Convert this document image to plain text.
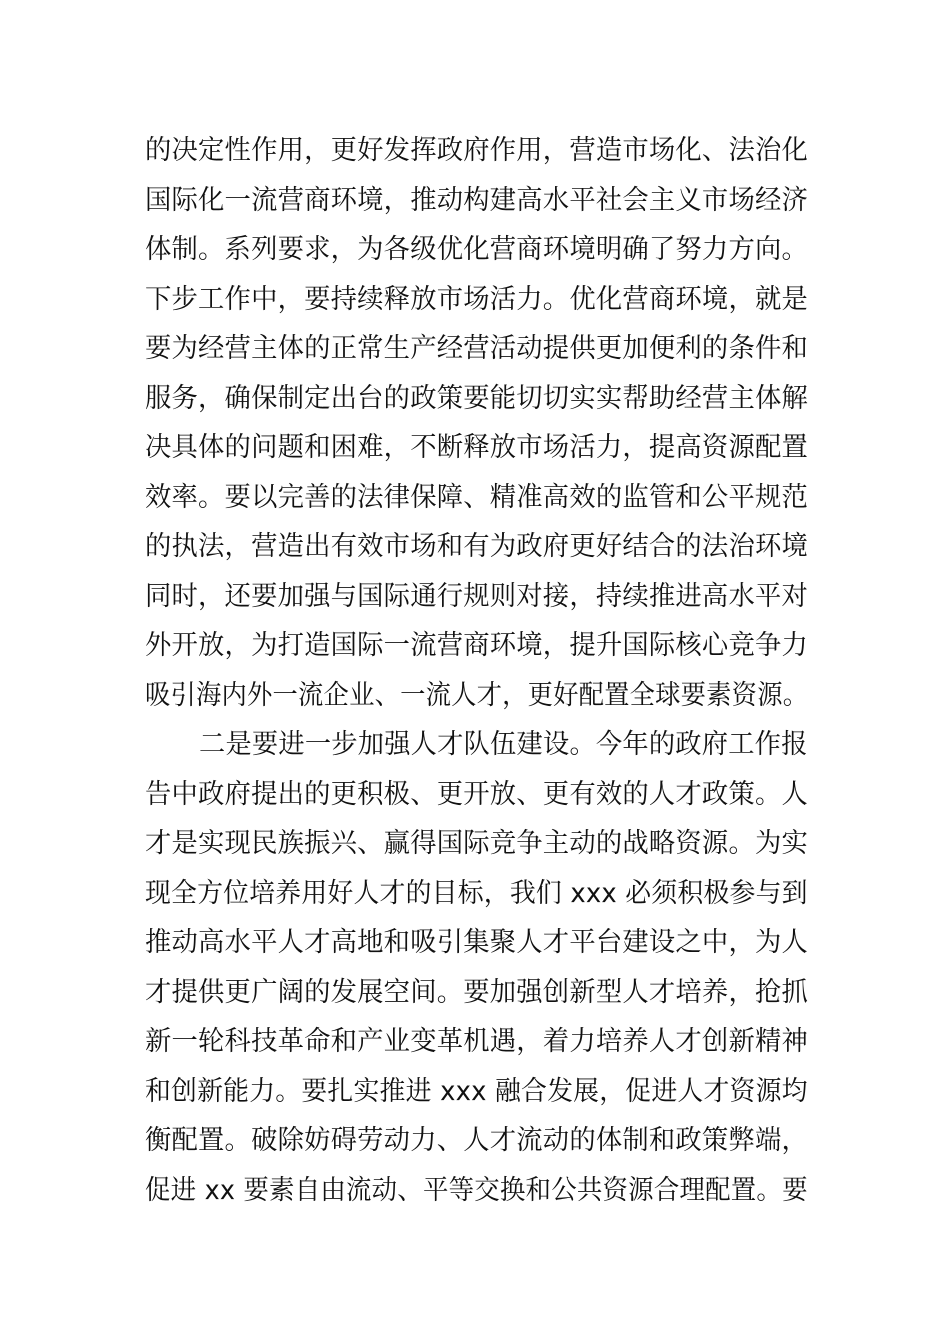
的决定性作用，更好发挥政府作用，营造市场化、法治化
国际化一流营商环境，推动构建高水平社会主义市场经济
体制。系列要求，为各级优化营商环境明确了努力方向。
下步工作中，要持续释放市场活力。优化营商环境，就是
要为经营主体的正常生产经营活动提供更加便利的条件和
服务，确保制定出台的政策要能切切实实帮助经营主体解
决具体的问题和困难，不断释放市场活力，提高资源配置
效率。要以完善的法律保障、精准高效的监管和公平规范
的执法，营造出有效市场和有为政府更好结合的法治环境
同时，还要加强与国际通行规则对接，持续推进高水平对
外开放，为打造国际一流营商环境，提升国际核心竞争力
吸引海内外一流企业、一流人才，更好配置全球要素资源。
二是要进一步加强人才队伍建设。今年的政府工作报
告中政府提出的更积极、更开放、更有效的人才政策。人
才是实现民族振兴、赢得国际竞争主动的战略资源。为实
现全方位培养用好人才的目标，我们 xxx 必须积极参与到
推动高水平人才高地和吸引集聚人才平台建设之中，为人
才提供更广阔的发展空间。要加强创新型人才培养，抢抓
新一轮科技革命和产业变革机遇，着力培养人才创新精神
和创新能力。要扎实推进 xxx 融合发展，促进人才资源均
衡配置。破除妨碍劳动力、人才流动的体制和政策弊端，
促进 xx 要素自由流动、平等交换和公共资源合理配置。要
